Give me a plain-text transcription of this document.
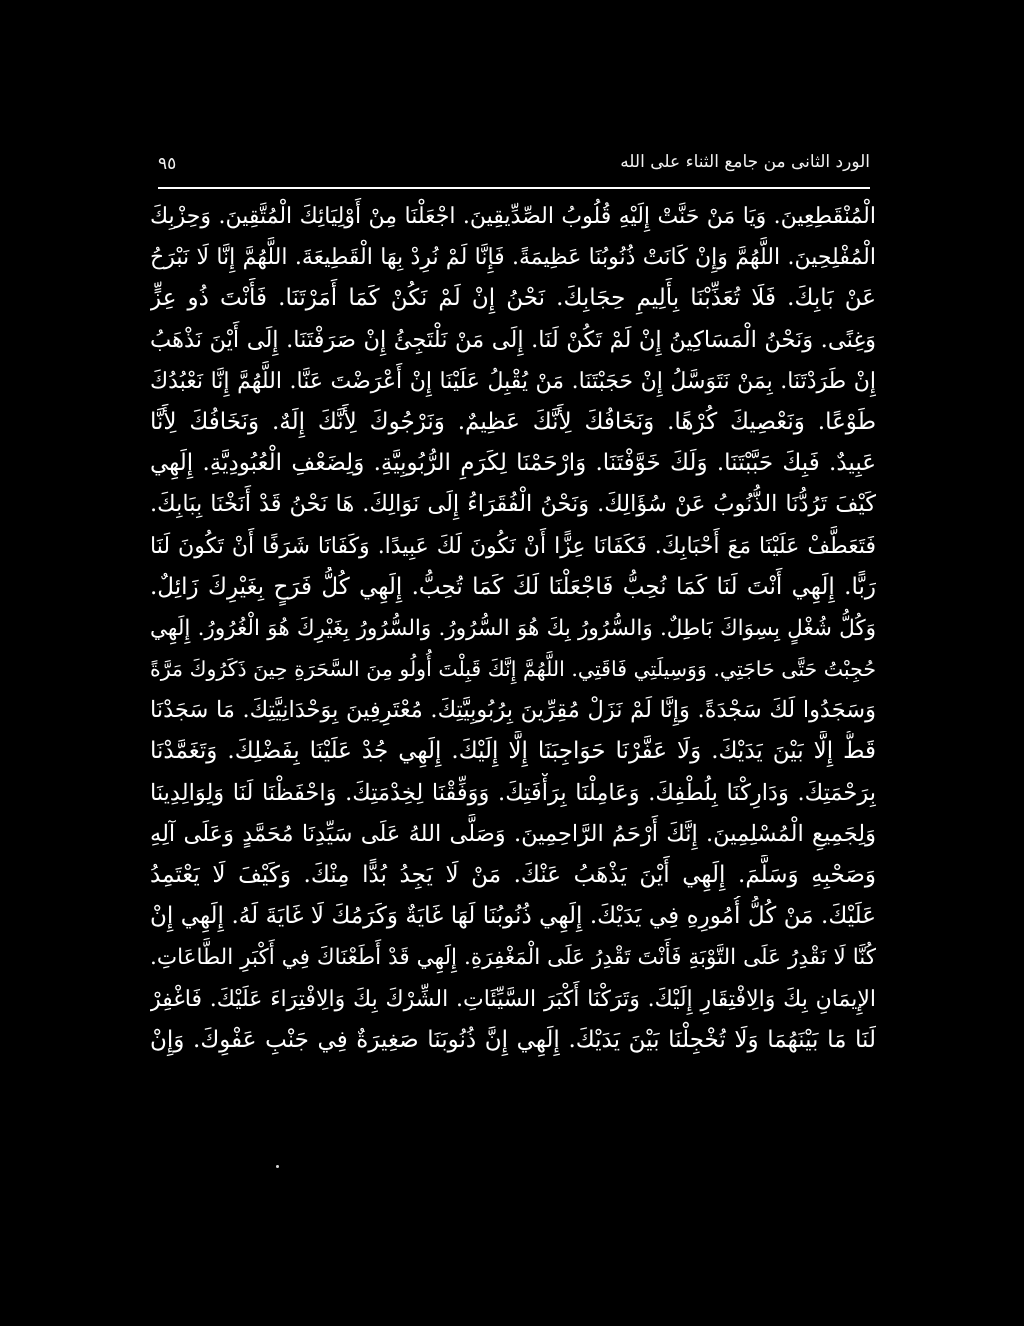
الورد الثانى من جامع الثناء على الله
٩٥
الْمُنْقَطِعِينَ. وَيَا مَنْ حَنَّتْ إِلَيْهِ قُلُوبُ الصِّدِّيقِينَ. اجْعَلْنَا مِنْ أَوْلِيَائِكَ الْمُتَّقِينَ. وَحِزْبِكَ
الْمُفْلِحِينَ. اللَّهُمَّ وَإِنْ كَانَتْ ذُنُوبُنَا عَظِيمَةً. فَإِنَّا لَمْ نُرِدْ بِهَا الْقَطِيعَةَ. اللَّهُمَّ إِنَّا لَا نَبْرَحُ
عَنْ بَابِكَ. فَلَا تُعَذِّبْنَا بِأَلِيمِ حِجَابِكَ. نَحْنُ إِنْ لَمْ نَكُنْ كَمَا أَمَرْتَنَا. فَأَنْتَ ذُو عِزٍّ
وَغِنًى. وَنَحْنُ الْمَسَاكِينُ إِنْ لَمْ تَكُنْ لَنَا. إِلَى مَنْ نَلْتَجِئُ إِنْ صَرَفْتَنَا. إِلَى أَيْنَ نَذْهَبُ
إِنْ طَرَدْتَنَا. بِمَنْ نَتَوَسَّلُ إِنْ حَجَبْتَنَا. مَنْ يُقْبِلُ عَلَيْنَا إِنْ أَعْرَضْتَ عَنَّا. اللَّهُمَّ إِنَّا نَعْبُدُكَ
طَوْعًا. وَنَعْصِيكَ كُرْهًا. وَنَخَافُكَ لِأَنَّكَ عَظِيمٌ. وَنَرْجُوكَ لِأَنَّكَ إِلَهٌ. وَنَخَافُكَ لِأَنَّا
عَبِيدٌ. فَبِكَ حَبَّبْتَنَا. وَلَكَ خَوَّفْتَنَا. وَارْحَمْنَا لِكَرَمِ الرُّبُوبِيَّةِ. وَلِضَعْفِ الْعُبُودِيَّةِ. إِلَهِي
كَيْفَ تَرُدُّنَا الذُّنُوبُ عَنْ سُؤَالِكَ. وَنَحْنُ الْفُقَرَاءُ إِلَى نَوَالِكَ. هَا نَحْنُ قَدْ أَنَخْنَا بِبَابِكَ.
فَتَعَطَّفْ عَلَيْنَا مَعَ أَحْبَابِكَ. فَكَفَانَا عِزًّا أَنْ نَكُونَ لَكَ عَبِيدًا. وَكَفَانَا شَرَفًا أَنْ تَكُونَ لَنَا
رَبًّا. إِلَهِي أَنْتَ لَنَا كَمَا نُحِبُّ فَاجْعَلْنَا لَكَ كَمَا تُحِبُّ. إِلَهِي كُلُّ فَرَحٍ بِغَيْرِكَ زَائِلٌ.
وَكُلُّ شُغْلٍ بِسِوَاكَ بَاطِلٌ. وَالسُّرُورُ بِكَ هُوَ السُّرُورُ. وَالسُّرُورُ بِغَيْرِكَ هُوَ الْغُرُورُ. إِلَهِي
حُجِبْتُ حَتَّى حَاجَتِي. وَوَسِيلَتِي فَاقَتِي. اللَّهُمَّ إِنَّكَ قَبِلْتَ أُولُو مِنَ السَّحَرَةِ حِينَ ذَكَرُوكَ مَرَّةً
وَسَجَدُوا لَكَ سَجْدَةً. وَإِنَّا لَمْ نَزَلْ مُقِرِّينَ بِرُبُوبِيَّتِكَ. مُعْتَرِفِينَ بِوَحْدَانِيَّتِكَ. مَا سَجَدْنَا
قَطُّ إِلَّا بَيْنَ يَدَيْكَ. وَلَا عَفَّرْنَا حَوَاجِبَنَا إِلَّا إِلَيْكَ. إِلَهِي جُدْ عَلَيْنَا بِفَضْلِكَ. وَتَغَمَّدْنَا
بِرَحْمَتِكَ. وَدَارِكْنَا بِلُطْفِكَ. وَعَامِلْنَا بِرَأْفَتِكَ. وَوَفِّقْنَا لِخِدْمَتِكَ. وَاحْفَظْنَا لَنَا وَلِوَالِدِينَا
وَلِجَمِيعِ الْمُسْلِمِينَ. إِنَّكَ أَرْحَمُ الرَّاحِمِينَ. وَصَلَّى اللهُ عَلَى سَيِّدِنَا مُحَمَّدٍ وَعَلَى آلِهِ
وَصَحْبِهِ وَسَلَّمَ. إِلَهِي أَيْنَ يَذْهَبُ عَنْكَ. مَنْ لَا يَجِدُ بُدًّا مِنْكَ. وَكَيْفَ لَا يَعْتَمِدُ
عَلَيْكَ. مَنْ كُلُّ أُمُورِهِ فِي يَدَيْكَ. إِلَهِي ذُنُوبُنَا لَهَا غَايَةٌ وَكَرَمُكَ لَا غَايَةَ لَهُ. إِلَهِي إِنْ
كُنَّا لَا نَقْدِرُ عَلَى التَّوْبَةِ فَأَنْتَ تَقْدِرُ عَلَى الْمَغْفِرَةِ. إِلَهِي قَدْ أَطَعْنَاكَ فِي أَكْبَرِ الطَّاعَاتِ.
الإِيمَانِ بِكَ وَالِافْتِقَارِ إِلَيْكَ. وَتَرَكْنَا أَكْبَرَ السَّيِّئَاتِ. الشِّرْكَ بِكَ وَالِافْتِرَاءَ عَلَيْكَ. فَاغْفِرْ
لَنَا مَا بَيْنَهُمَا وَلَا تُخْجِلْنَا بَيْنَ يَدَيْكَ. إِلَهِي إِنَّ ذُنُوبَنَا صَغِيرَةٌ فِي جَنْبِ عَفْوِكَ. وَإِنْ
